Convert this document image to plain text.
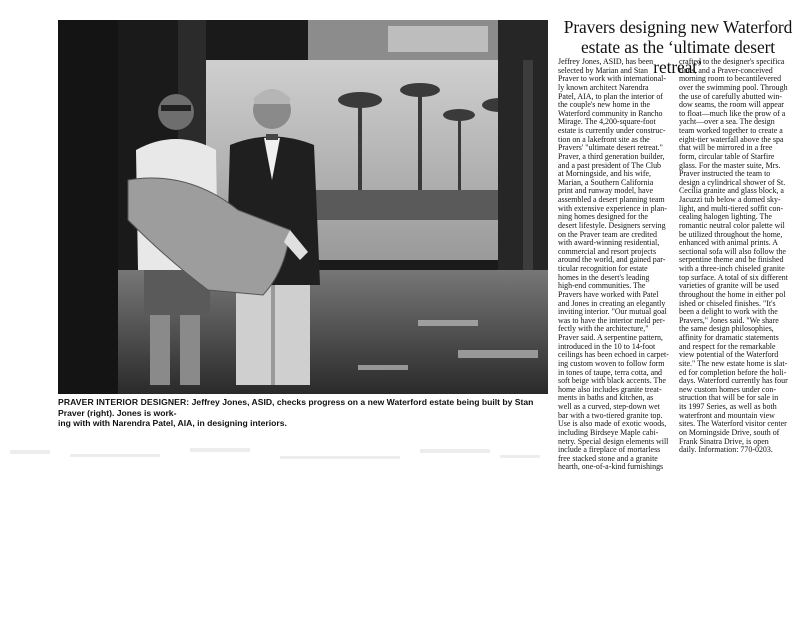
PRAVER INTERIOR DESIGNER: Jeffrey Jones, ASID, checks progress on a new Waterford estate being built by Stan Praver (right). Jones is work-
ing with with Narendra Patel, AIA, in designing interiors.
Pravers designing new Waterford
estate as the ‘ultimate desert retreat’
Jeffrey Jones, ASID, has been
selected by Marian and Stan
Praver to work with international-
ly known architect Narendra
Patel, AIA, to plan the interior of
the couple's new home in the
Waterford community in Rancho
Mirage. The 4,200-square-foot
estate is currently under construc-
tion on a lakefront site as the
Pravers' "ultimate desert retreat."
Praver, a third generation builder,
and a past president of The Club
at Morningside, and his wife,
Marian, a Southern California
print and runway model, have
assembled a desert planning team
with extensive experience in plan-
ning homes designed for the
desert lifestyle. Designers serving
on the Praver team are credited
with award-winning residential,
commercial and resort projects
around the world, and gained par-
ticular recognition for estate
homes in the desert's leading
high-end communities. The
Pravers have worked with Patel
and Jones in creating an elegantly
inviting interior. "Our mutual goal
was to have the interior meld per-
fectly with the architecture,"
Praver said. A serpentine pattern,
introduced in the 10 to 14-foot
ceilings has been echoed in carpet-
ing custom woven to follow form
in tones of taupe, terra cotta, and
soft beige with black accents. The
home also includes granite treat-
ments in baths and kitchen, as
well as a curved, step-down wet
bar with a two-tiered granite top.
Use is also made of exotic woods,
including Birdseye Maple cabi-
netry. Special design elements will
include a fireplace of mortarless
free stacked stone and a granite
hearth, one-of-a-kind furnishings
crafted to the designer's specifica
tions, and a Praver-conceived
morning room to becantilevered
over the swimming pool. Through
the use of carefully abutted win-
dow seams, the room will appear
to float—much like the prow of a
yacht—over a sea. The design
team worked together to create a
eight-tier waterfall above the spa
that will be mirrored in a free
form, circular table of Starfire
glass. For the master suite, Mrs.
Praver instructed the team to
design a cylindrical shower of St.
Cecilia granite and glass block, a
Jacuzzi tub below a domed sky-
light, and multi-tiered soffit con-
cealing halogen lighting. The
romantic neutral color palette wil
be utilized throughout the home,
enhanced with animal prints. A
sectional sofa will also follow the
serpentine theme and be finished
with a three-inch chiseled granite
top surface. A total of six different
varieties of granite will be used
throughout the home in either pol
ished or chiseled finishes. "It's
been a delight to work with the
Pravers," Jones said. "We share
the same design philosophies,
affinity for dramatic statements
and respect for the remarkable
view potential of the Waterford
site." The new estate home is slat-
ed for completion before the holi-
days. Waterford currently has four
new custom homes under con-
struction that will be for sale in
its 1997 Series, as well as both
waterfront and mountain view
sites. The Waterford visitor center
on Morningside Drive, south of
Frank Sinatra Drive, is open
daily. Information: 770-0203.
